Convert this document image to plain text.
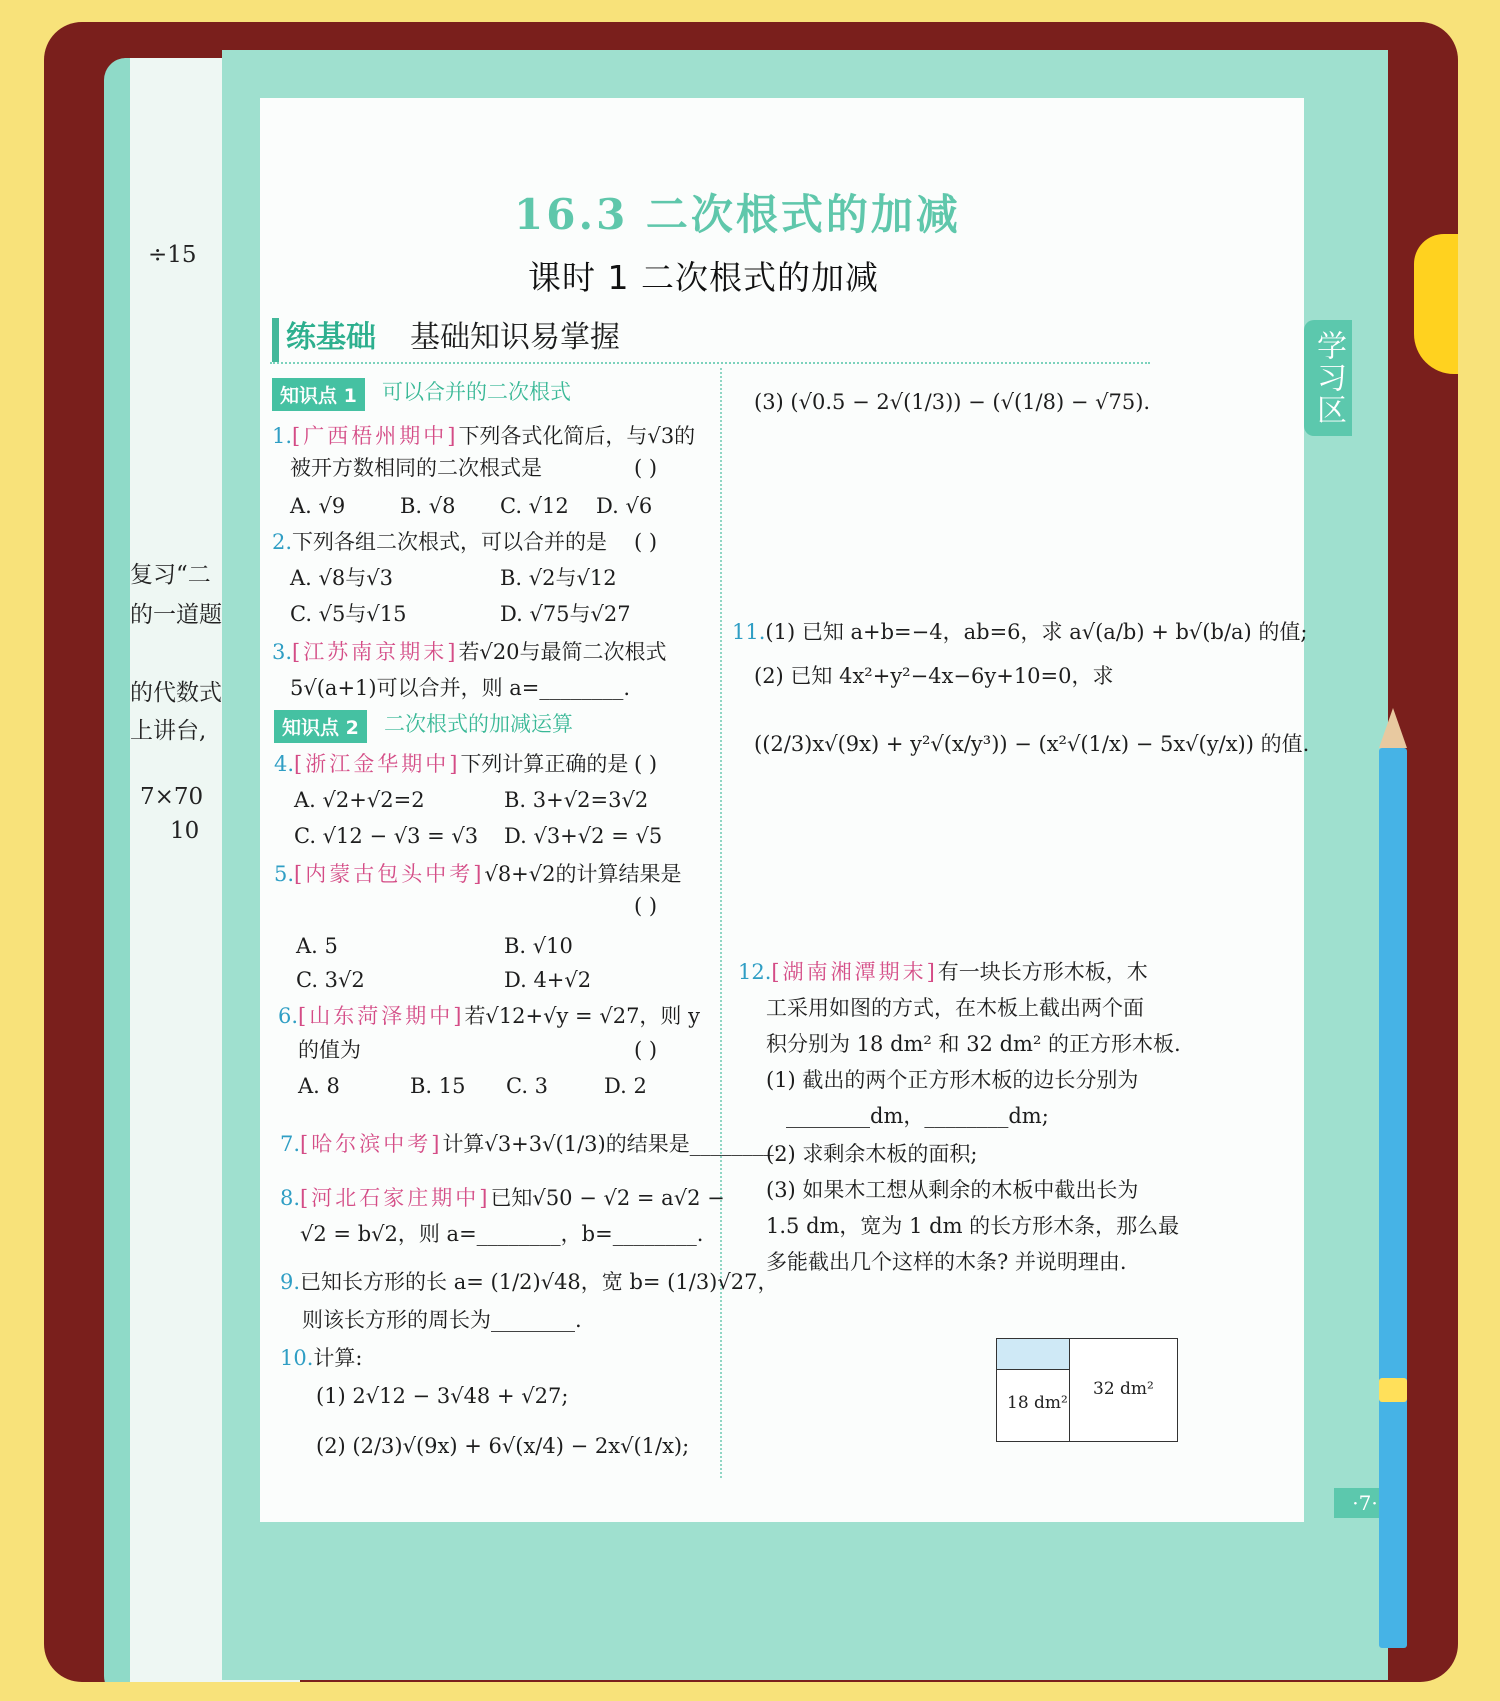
÷15
复习“二
的一道题
的代数式
上讲台,
7×70
10
16.3 二次根式的加减
课时 1 二次根式的加减
练基础 基础知识易掌握
知识点 1	可以合并的二次根式
1.[广西梧州期中]下列各式化简后，与√3的
被开方数相同的二次根式是	( )
A. √9	B. √8 C. √12 D. √6
2.下列各组二次根式，可以合并的是 ( )
A. √8与√3	B. √2与√12
C. √5与√15	D. √75与√27
3.[江苏南京期末]若√20与最简二次根式
5√(a+1)可以合并，则 a=________.
知识点 2	二次根式的加减运算
4.[浙江金华期中]下列计算正确的是 ( )
A. √2+√2=2	B. 3+√2=3√2
C. √12 − √3 = √3 D. √3+√2 = √5
5.[内蒙古包头中考]√8+√2的计算结果是
( )
A. 5	B. √10
C. 3√2	D. 4+√2
6.[山东菏泽期中]若√12+√y = √27，则 y
的值为	( )
A. 8	B. 15 C. 3	D. 2
7.[哈尔滨中考]计算√3+3√(1/3)的结果是________.
8.[河北石家庄期中]已知√50 − √2 = a√2 −
√2 = b√2，则 a=________，b=________.
9.已知长方形的长 a= (1/2)√48，宽 b= (1/3)√27，
则该长方形的周长为________.
10.计算:
(1) 2√12 − 3√48 + √27;
(2) (2/3)√(9x) + 6√(x/4) − 2x√(1/x);
(3) (√0.5 − 2√(1/3)) − (√(1/8) − √75).
11.(1) 已知 a+b=−4，ab=6，求 a√(a/b) + b√(b/a) 的值;
(2) 已知 4x²+y²−4x−6y+10=0，求
((2/3)x√(9x) + y²√(x/y³)) − (x²√(1/x) − 5x√(y/x)) 的值.
12.[湖南湘潭期末]有一块长方形木板，木
工采用如图的方式，在木板上截出两个面
积分别为 18 dm² 和 32 dm² 的正方形木板.
(1) 截出的两个正方形木板的边长分别为
________dm，________dm;
(2) 求剩余木板的面积;
(3) 如果木工想从剩余的木板中截出长为
1.5 dm，宽为 1 dm 的长方形木条，那么最
多能截出几个这样的木条? 并说明理由.
18 dm²
32 dm²
学习区
·7·
